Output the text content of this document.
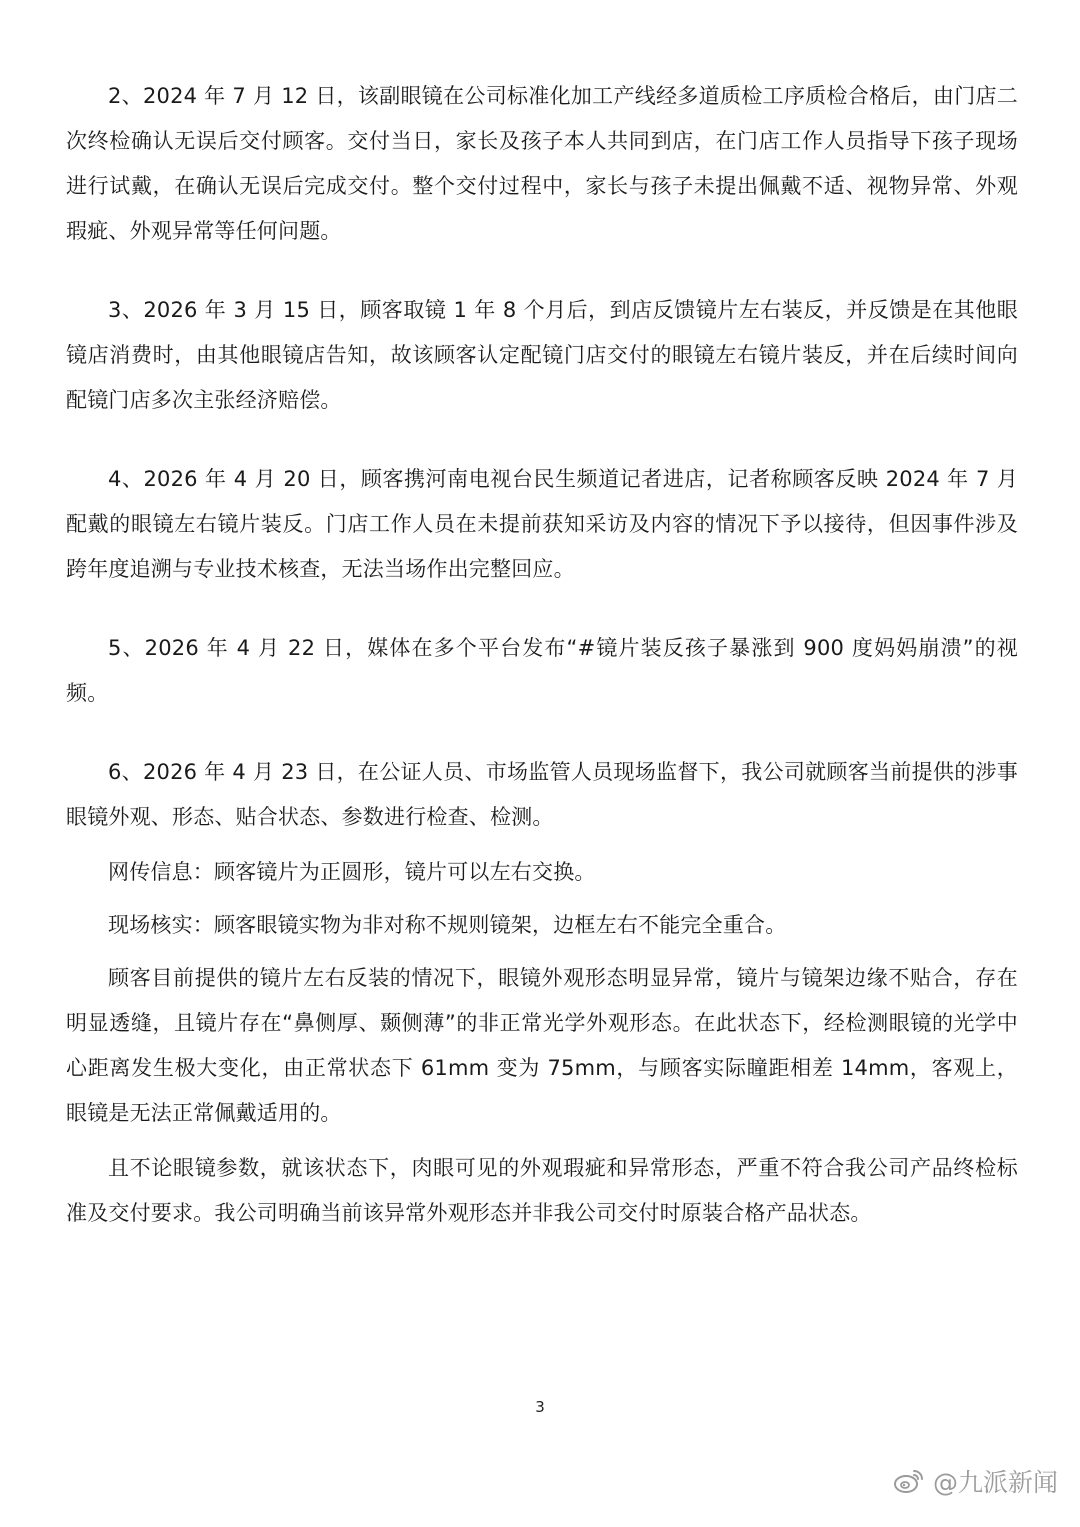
2、2024 年 7 月 12 日，该副眼镜在公司标准化加工产线经多道质检工序质检合格后，由门店二次终检确认无误后交付顾客。交付当日，家长及孩子本人共同到店，在门店工作人员指导下孩子现场进行试戴，在确认无误后完成交付。整个交付过程中，家长与孩子未提出佩戴不适、视物异常、外观瑕疵、外观异常等任何问题。

3、2026 年 3 月 15 日，顾客取镜 1 年 8 个月后，到店反馈镜片左右装反，并反馈是在其他眼镜店消费时，由其他眼镜店告知，故该顾客认定配镜门店交付的眼镜左右镜片装反，并在后续时间向配镜门店多次主张经济赔偿。

4、2026 年 4 月 20 日，顾客携河南电视台民生频道记者进店，记者称顾客反映 2024 年 7 月配戴的眼镜左右镜片装反。门店工作人员在未提前获知采访及内容的情况下予以接待，但因事件涉及跨年度追溯与专业技术核查，无法当场作出完整回应。

5、2026 年 4 月 22 日，媒体在多个平台发布“#镜片装反孩子暴涨到 900 度妈妈崩溃”的视频。

6、2026 年 4 月 23 日，在公证人员、市场监管人员现场监督下，我公司就顾客当前提供的涉事眼镜外观、形态、贴合状态、参数进行检查、检测。

网传信息：顾客镜片为正圆形，镜片可以左右交换。

现场核实：顾客眼镜实物为非对称不规则镜架，边框左右不能完全重合。

顾客目前提供的镜片左右反装的情况下，眼镜外观形态明显异常，镜片与镜架边缘不贴合，存在明显透缝，且镜片存在“鼻侧厚、颞侧薄”的非正常光学外观形态。在此状态下，经检测眼镜的光学中心距离发生极大变化，由正常状态下 61mm 变为 75mm，与顾客实际瞳距相差 14mm，客观上，眼镜是无法正常佩戴适用的。

且不论眼镜参数，就该状态下，肉眼可见的外观瑕疵和异常形态，严重不符合我公司产品终检标准及交付要求。我公司明确当前该异常外观形态并非我公司交付时原装合格产品状态。

3
@九派新闻
